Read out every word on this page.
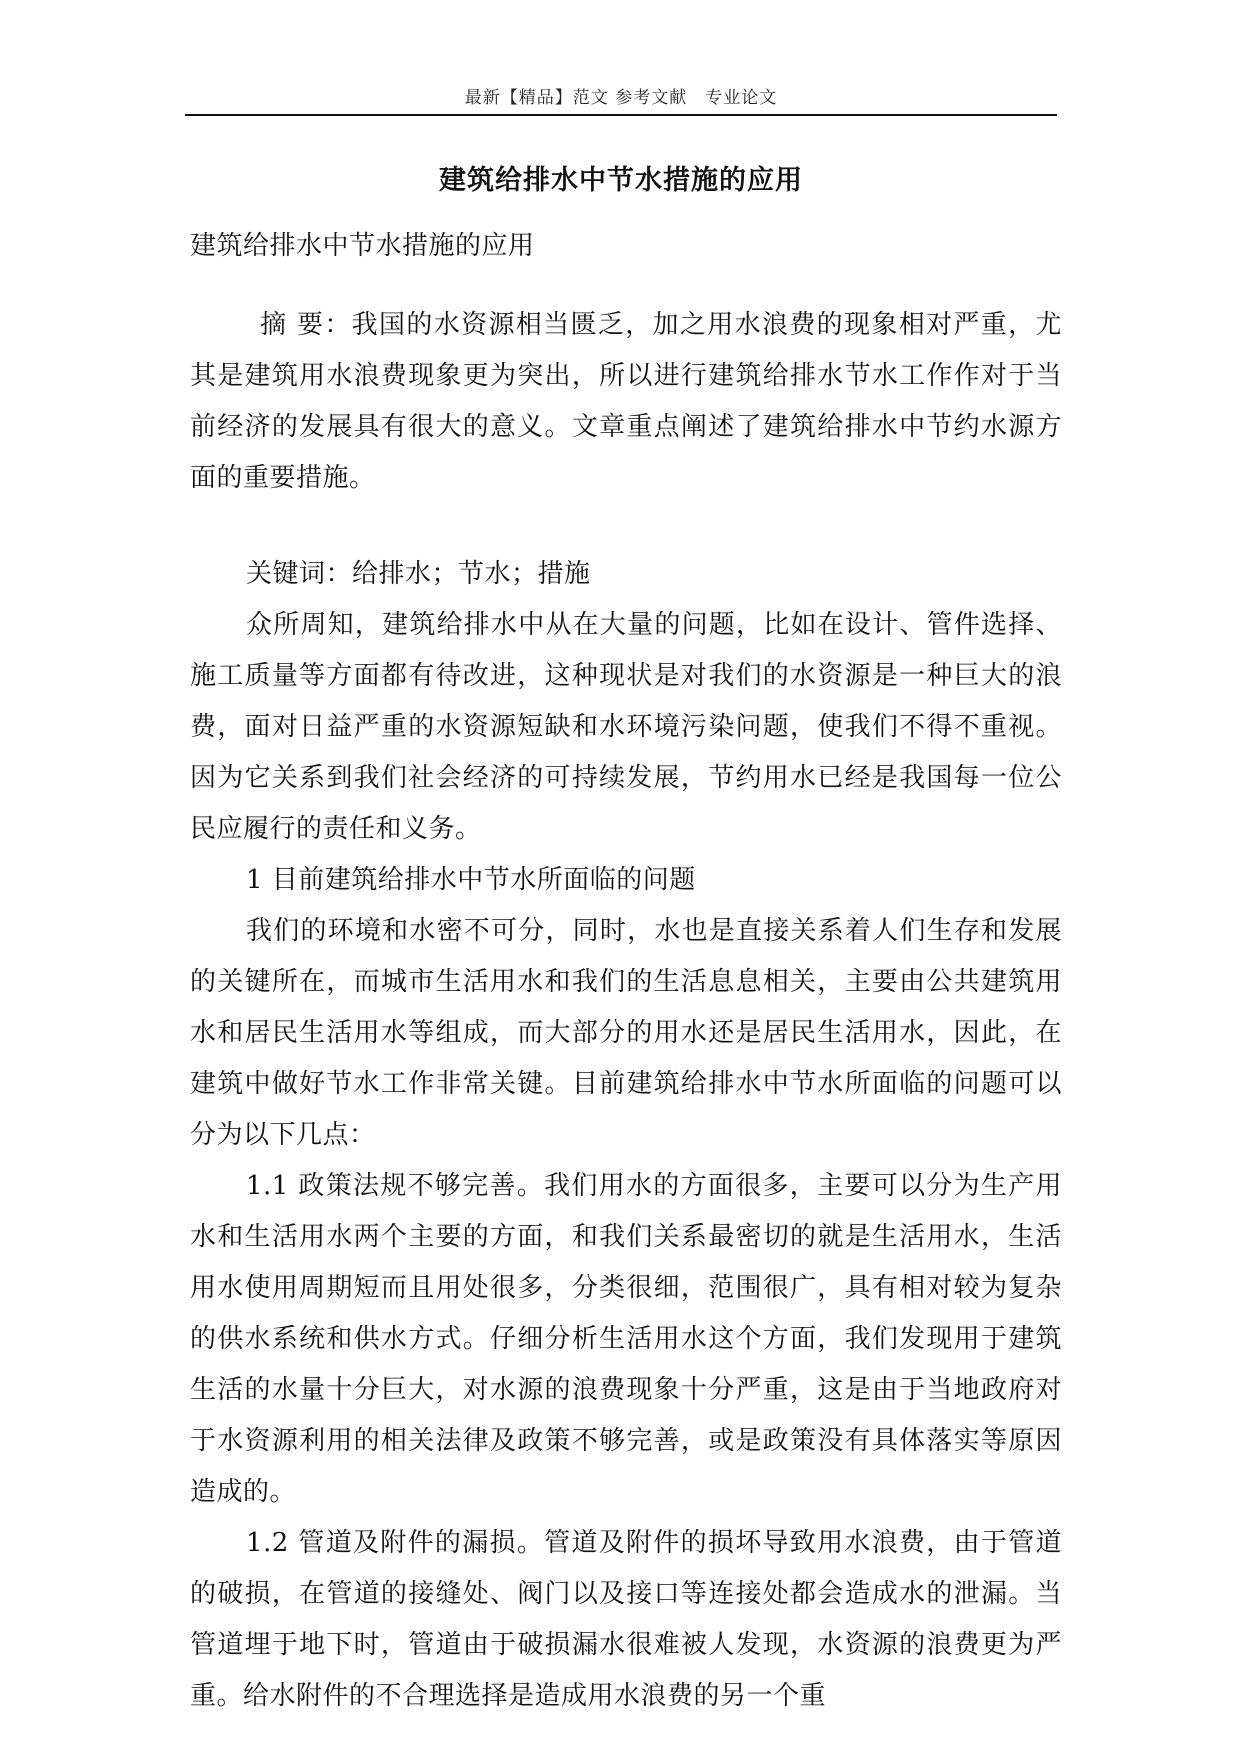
最新【精品】范文 参考文献　专业论文
建筑给排水中节水措施的应用

建筑给排水中节水措施的应用

摘 要：我国的水资源相当匮乏，加之用水浪费的现象相对严重，尤其是建筑用水浪费现象更为突出，所以进行建筑给排水节水工作作对于当前经济的发展具有很大的意义。文章重点阐述了建筑给排水中节约水源方面的重要措施。

关键词：给排水；节水；措施

众所周知，建筑给排水中从在大量的问题，比如在设计、管件选择、施工质量等方面都有待改进，这种现状是对我们的水资源是一种巨大的浪费，面对日益严重的水资源短缺和水环境污染问题，使我们不得不重视。因为它关系到我们社会经济的可持续发展，节约用水已经是我国每一位公民应履行的责任和义务。

1 目前建筑给排水中节水所面临的问题

我们的环境和水密不可分，同时，水也是直接关系着人们生存和发展的关键所在，而城市生活用水和我们的生活息息相关，主要由公共建筑用水和居民生活用水等组成，而大部分的用水还是居民生活用水，因此，在建筑中做好节水工作非常关键。目前建筑给排水中节水所面临的问题可以分为以下几点：

1.1 政策法规不够完善。我们用水的方面很多，主要可以分为生产用水和生活用水两个主要的方面，和我们关系最密切的就是生活用水，生活用水使用周期短而且用处很多，分类很细，范围很广，具有相对较为复杂的供水系统和供水方式。仔细分析生活用水这个方面，我们发现用于建筑生活的水量十分巨大，对水源的浪费现象十分严重，这是由于当地政府对于水资源利用的相关法律及政策不够完善，或是政策没有具体落实等原因造成的。

1.2 管道及附件的漏损。管道及附件的损坏导致用水浪费，由于管道的破损，在管道的接缝处、阀门以及接口等连接处都会造成水的泄漏。当管道埋于地下时，管道由于破损漏水很难被人发现，水资源的浪费更为严重。给水附件的不合理选择是造成用水浪费的另一个重
